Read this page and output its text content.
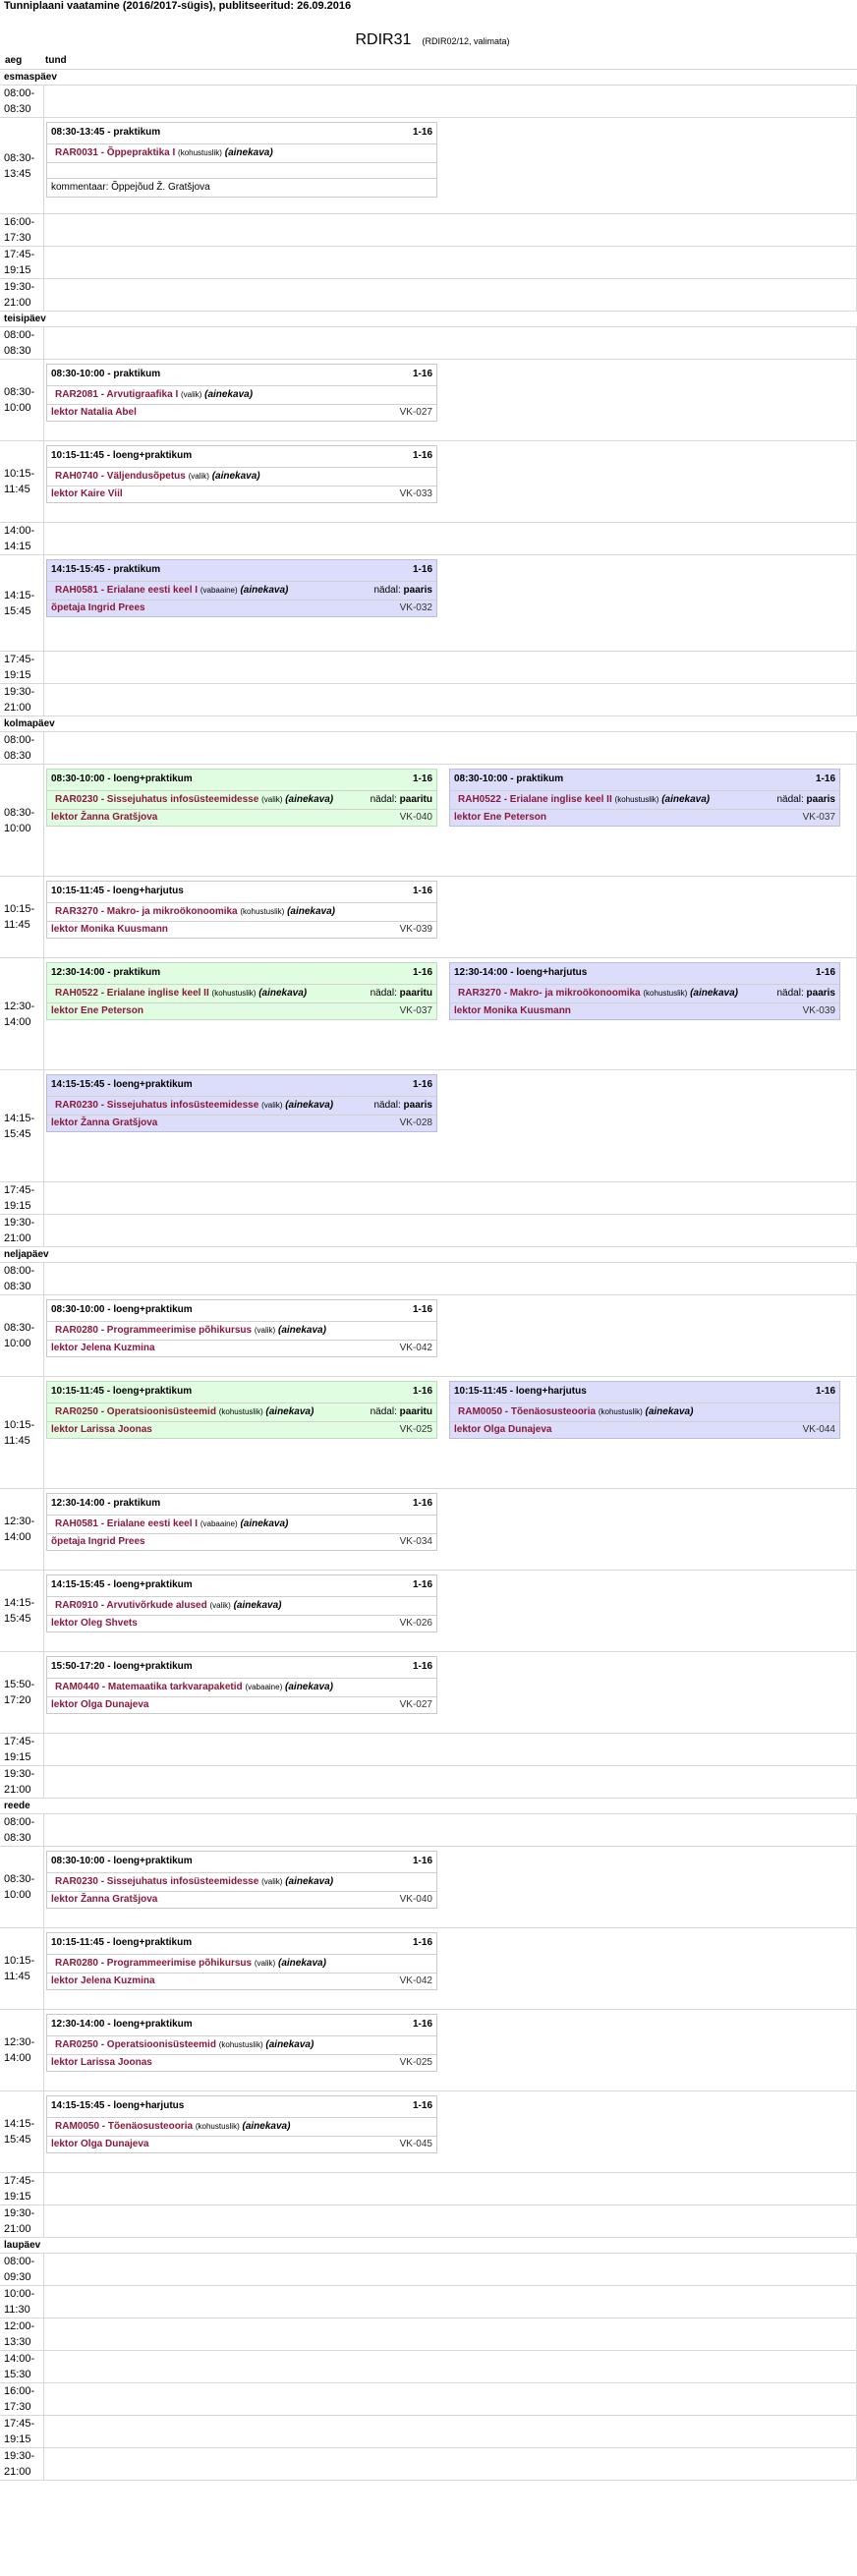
Tunniplaani vaatamine (2016/2017-sügis), publitseeritud: 26.09.2016
RDIR31 (RDIR02/12, valimata)
aeg tund
esmaspäev
08:00-
08:30
08:30-
13:45
08:30-13:45 - praktikum	1-16
RAR0031 - Õppepraktika I (kohustuslik) (ainekava)
kommentaar: Õppejõud Ž. Gratšjova
16:00-
17:30
17:45-
19:15
19:30-
21:00
teisipäev
08:00-
08:30
08:30-
10:00
08:30-10:00 - praktikum	1-16
RAR2081 - Arvutigraafika I (valik) (ainekava)
lektor Natalia Abel	VK-027
10:15-
11:45
10:15-11:45 - loeng+praktikum	1-16
RAH0740 - Väljendusõpetus (valik) (ainekava)
lektor Kaire Viil	VK-033
14:00-
14:15
14:15-
15:45
14:15-15:45 - praktikum	1-16
RAH0581 - Erialane eesti keel I (vabaaine) (ainekava)	nädal: paaris
õpetaja Ingrid Prees	VK-032
17:45-
19:15
19:30-
21:00
kolmapäev
08:00-
08:30
08:30-
10:00
08:30-10:00 - loeng+praktikum	1-16
RAR0230 - Sissejuhatus infosüsteemidesse (valik) (ainekava)	nädal: paaritu
lektor Žanna Gratšjova	VK-040
08:30-10:00 - praktikum	1-16
RAH0522 - Erialane inglise keel II (kohustuslik) (ainekava)	nädal: paaris
lektor Ene Peterson	VK-037
10:15-
11:45
10:15-11:45 - loeng+harjutus	1-16
RAR3270 - Makro- ja mikroökonoomika (kohustuslik) (ainekava)
lektor Monika Kuusmann	VK-039
12:30-
14:00
12:30-14:00 - praktikum	1-16
RAH0522 - Erialane inglise keel II (kohustuslik) (ainekava)	nädal: paaritu
lektor Ene Peterson	VK-037
12:30-14:00 - loeng+harjutus	1-16
RAR3270 - Makro- ja mikroökonoomika (kohustuslik) (ainekava)	nädal: paaris
lektor Monika Kuusmann	VK-039
14:15-
15:45
14:15-15:45 - loeng+praktikum	1-16
RAR0230 - Sissejuhatus infosüsteemidesse (valik) (ainekava)	nädal: paaris
lektor Žanna Gratšjova	VK-028
17:45-
19:15
19:30-
21:00
neljapäev
08:00-
08:30
08:30-
10:00
08:30-10:00 - loeng+praktikum	1-16
RAR0280 - Programmeerimise põhikursus (valik) (ainekava)
lektor Jelena Kuzmina	VK-042
10:15-
11:45
10:15-11:45 - loeng+praktikum	1-16
RAR0250 - Operatsioonisüsteemid (kohustuslik) (ainekava)	nädal: paaritu
lektor Larissa Joonas	VK-025
10:15-11:45 - loeng+harjutus	1-16
RAM0050 - Tõenäosusteooria (kohustuslik) (ainekava)
lektor Olga Dunajeva	VK-044
12:30-
14:00
12:30-14:00 - praktikum	1-16
RAH0581 - Erialane eesti keel I (vabaaine) (ainekava)
õpetaja Ingrid Prees	VK-034
14:15-
15:45
14:15-15:45 - loeng+praktikum	1-16
RAR0910 - Arvutivõrkude alused (valik) (ainekava)
lektor Oleg Shvets	VK-026
15:50-
17:20
15:50-17:20 - loeng+praktikum	1-16
RAM0440 - Matemaatika tarkvarapaketid (vabaaine) (ainekava)
lektor Olga Dunajeva	VK-027
17:45-
19:15
19:30-
21:00
reede
08:00-
08:30
08:30-
10:00
08:30-10:00 - loeng+praktikum	1-16
RAR0230 - Sissejuhatus infosüsteemidesse (valik) (ainekava)
lektor Žanna Gratšjova	VK-040
10:15-
11:45
10:15-11:45 - loeng+praktikum	1-16
RAR0280 - Programmeerimise põhikursus (valik) (ainekava)
lektor Jelena Kuzmina	VK-042
12:30-
14:00
12:30-14:00 - loeng+praktikum	1-16
RAR0250 - Operatsioonisüsteemid (kohustuslik) (ainekava)
lektor Larissa Joonas	VK-025
14:15-
15:45
14:15-15:45 - loeng+harjutus	1-16
RAM0050 - Tõenäosusteooria (kohustuslik) (ainekava)
lektor Olga Dunajeva	VK-045
17:45-
19:15
19:30-
21:00
laupäev
08:00-
09:30
10:00-
11:30
12:00-
13:30
14:00-
15:30
16:00-
17:30
17:45-
19:15
19:30-
21:00
